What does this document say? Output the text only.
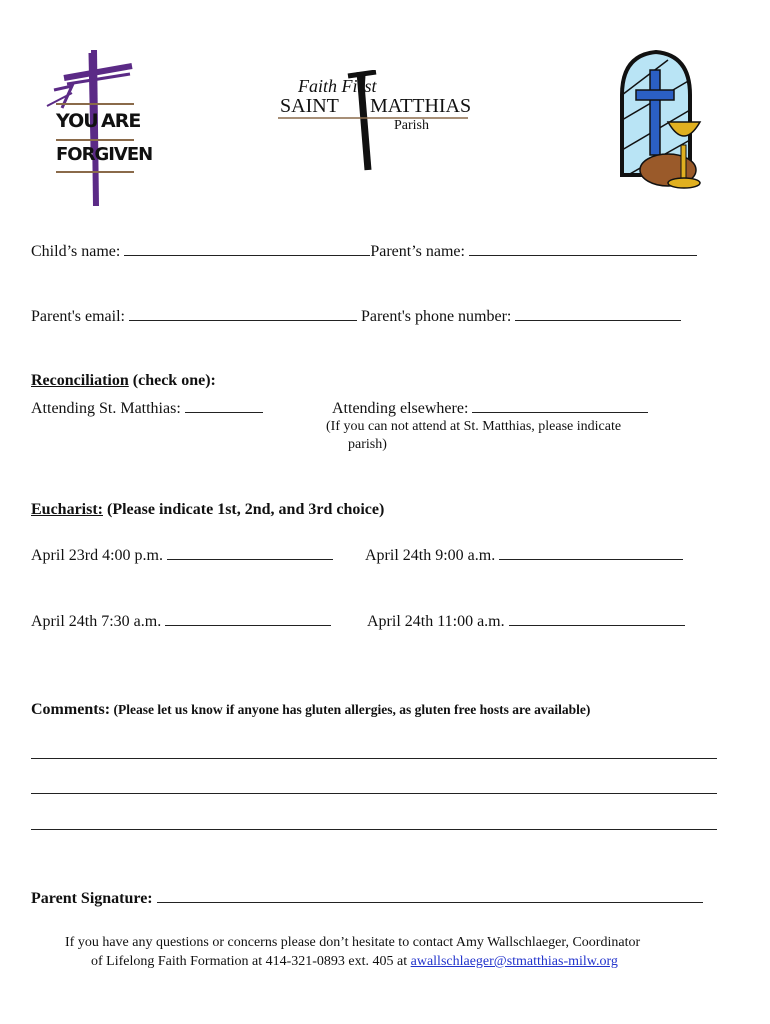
YOU ARE
FORGIVEN
Faith First
SAINT MATTHIAS
Parish
Child’s name:	Parent’s name:
Parent's email:	Parent's phone number:
Reconciliation (check one):
Attending St. Matthias:	Attending elsewhere:
(If you can not attend at St. Matthias, please indicate
parish)
Eucharist: (Please indicate 1st, 2nd, and 3rd choice)
April 23rd 4:00 p.m.	April 24th 9:00 a.m.
April 24th 7:30 a.m.	April 24th 11:00 a.m.
Comments: (Please let us know if anyone has gluten allergies, as gluten free hosts are available)
Parent Signature:
If you have any questions or concerns please don’t hesitate to contact Amy Wallschlaeger, Coordinator
of Lifelong Faith Formation at 414-321-0893 ext. 405 at awallschlaeger@stmatthias-milw.org
